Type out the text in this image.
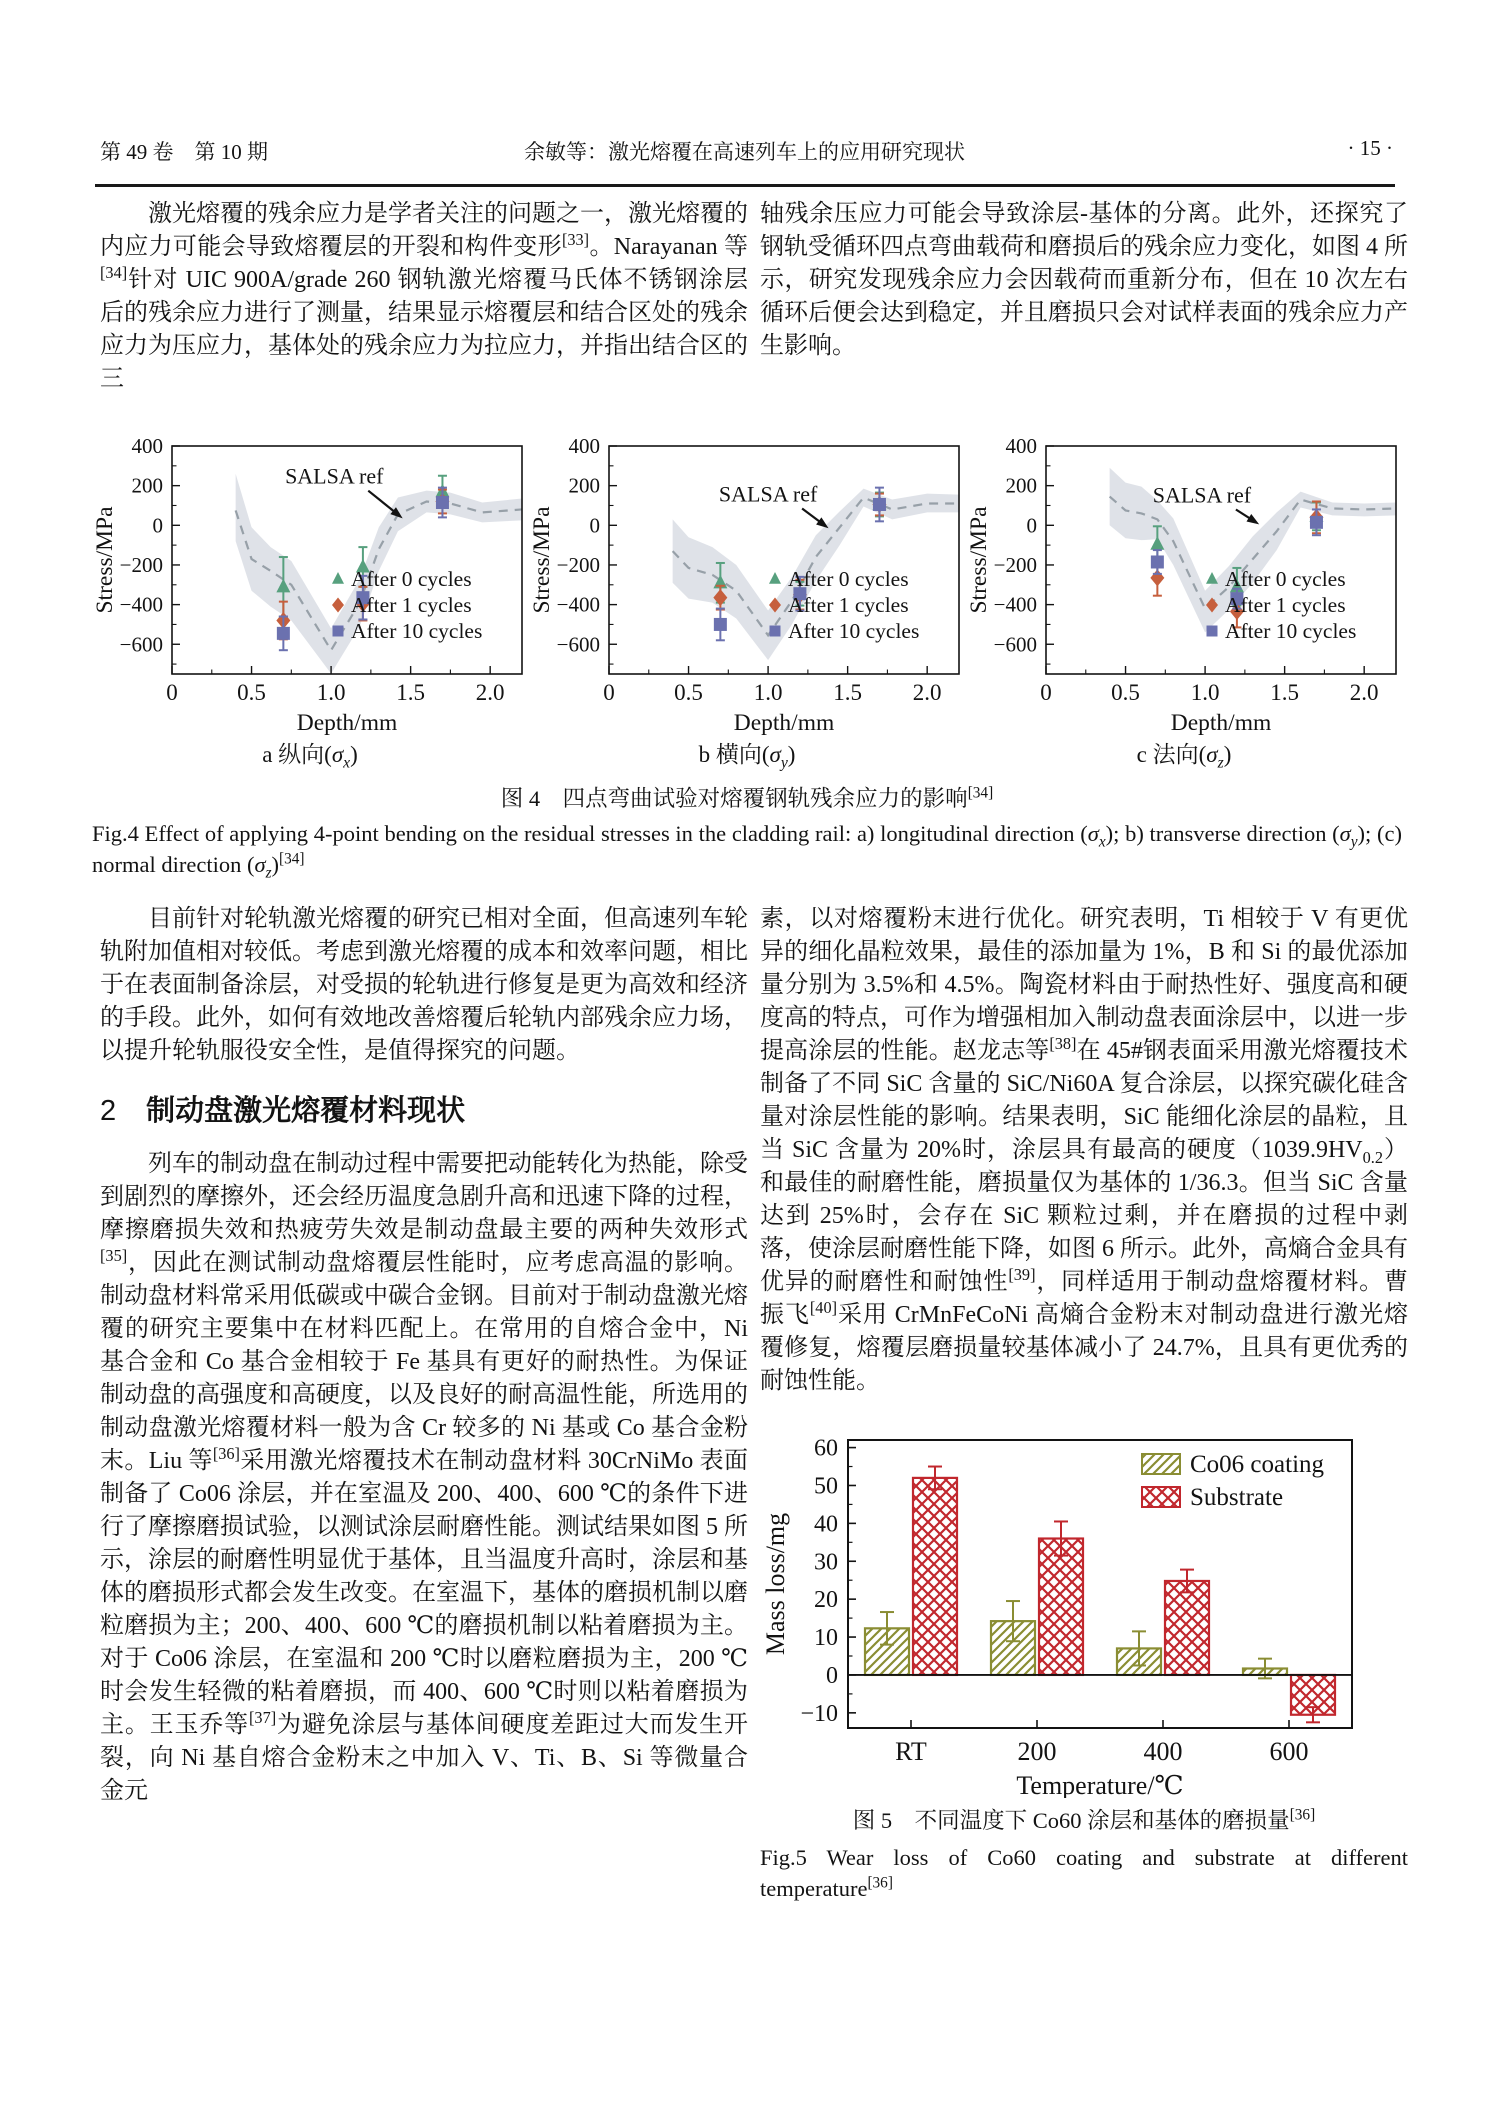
第 49 卷　第 10 期	余敏等：激光熔覆在高速列车上的应用研究现状	· 15 ·

激光熔覆的残余应力是学者关注的问题之一，激光熔覆的内应力可能会导致熔覆层的开裂和构件变形[33]。Narayanan 等[34]针对 UIC 900A/grade 260 钢轨激光熔覆马氏体不锈钢涂层后的残余应力进行了测量，结果显示熔覆层和结合区处的残余应力为压应力，基体处的残余应力为拉应力，并指出结合区的三

轴残余压应力可能会导致涂层-基体的分离。此外，还探究了钢轨受循环四点弯曲载荷和磨损后的残余应力变化，如图 4 所示，研究发现残余应力会因载荷而重新分布，但在 10 次左右循环后便会达到稳定，并且磨损只会对试样表面的残余应力产生影响。

400
200
0
−200
−400
−600
0	0.5 1.0 1.5 2.0
Stress/MPa
Depth/mm
After 0 cycles
After 1 cycles
After 10 cycles
SALSA ref
a 纵向$(\sigma_x)$
400
200
0
−200
−400
−600
0	0.5 1.0 1.5 2.0
Stress/MPa
Depth/mm
After 0 cycles
After 1 cycles
After 10 cycles
SALSA ref
b 横向$(\sigma_y)$
400
200
0
−200
−400
−600
0	0.5 1.0 1.5 2.0
Stress/MPa
Depth/mm
After 0 cycles
After 1 cycles
After 10 cycles
SALSA ref
c 法向$(\sigma_z)$
图 4　四点弯曲试验对熔覆钢轨残余应力的影响[34]
Fig.4 Effect of applying 4-point bending on the residual stresses in the cladding rail: a) longitudinal direction $(\sigma_x)$; b) transverse direction $(\sigma_y)$; (c) normal direction $(\sigma_z)[34]$

目前针对轮轨激光熔覆的研究已相对全面，但高速列车轮轨附加值相对较低。考虑到激光熔覆的成本和效率问题，相比于在表面制备涂层，对受损的轮轨进行修复是更为高效和经济的手段。此外，如何有效地改善熔覆后轮轨内部残余应力场，以提升轮轨服役安全性，是值得探究的问题。

2 制动盘激光熔覆材料现状

列车的制动盘在制动过程中需要把动能转化为热能，除受到剧烈的摩擦外，还会经历温度急剧升高和迅速下降的过程，摩擦磨损失效和热疲劳失效是制动盘最主要的两种失效形式[35]，因此在测试制动盘熔覆层性能时，应考虑高温的影响。制动盘材料常采用低碳或中碳合金钢。目前对于制动盘激光熔覆的研究主要集中在材料匹配上。在常用的自熔合金中，Ni 基合金和 Co 基合金相较于 Fe 基具有更好的耐热性。为保证制动盘的高强度和高硬度，以及良好的耐高温性能，所选用的制动盘激光熔覆材料一般为含 Cr 较多的 Ni 基或 Co 基合金粉末。Liu 等[36]采用激光熔覆技术在制动盘材料 30CrNiMo 表面制备了 Co06 涂层，并在室温及 200、400、600 ℃的条件下进行了摩擦磨损试验，以测试涂层耐磨性能。测试结果如图 5 所示，涂层的耐磨性明显优于基体，且当温度升高时，涂层和基体的磨损形式都会发生改变。在室温下，基体的磨损机制以磨粒磨损为主；200、400、600 ℃的磨损机制以粘着磨损为主。对于 Co06 涂层，在室温和 200 ℃时以磨粒磨损为主，200 ℃时会发生轻微的粘着磨损，而 400、600 ℃时则以粘着磨损为主。王玉乔等[37]为避免涂层与基体间硬度差距过大而发生开裂，向 Ni 基自熔合金粉末之中加入 V、Ti、B、Si 等微量合金元

素，以对熔覆粉末进行优化。研究表明，Ti 相较于 V 有更优异的细化晶粒效果，最佳的添加量为 1%，B 和 Si 的最优添加量分别为 3.5%和 4.5%。陶瓷材料由于耐热性好、强度高和硬度高的特点，可作为增强相加入制动盘表面涂层中，以进一步提高涂层的性能。赵龙志等[38]在 45#钢表面采用激光熔覆技术制备了不同 SiC 含量的 SiC/Ni60A 复合涂层，以探究碳化硅含量对涂层性能的影响。结果表明，SiC 能细化涂层的晶粒，且当 SiC 含量为 20%时，涂层具有最高的硬度$(1039.9HV_{0.2})$和最佳的耐磨性能，磨损量仅为基体的 1/36.3。但当 SiC 含量达到 25%时，会存在 SiC 颗粒过剩，并在磨损的过程中剥落，使涂层耐磨性能下降，如图 6 所示。此外，高熵合金具有优异的耐磨性和耐蚀性[39]，同样适用于制动盘熔覆材料。曹振飞[40]采用 CrMnFeCoNi 高熵合金粉末对制动盘进行激光熔覆修复，熔覆层磨损量较基体减小了 24.7%，且具有更优秀的耐蚀性能。

60
50
40
30
20
10
0
−10
RT	200	400	600
Mass loss/mg
Temperature/℃
Co06 coating
Substrate
图 5　不同温度下 Co60 涂层和基体的磨损量[36]
Fig.5 Wear loss of Co60 coating and substrate at different temperature[36]
